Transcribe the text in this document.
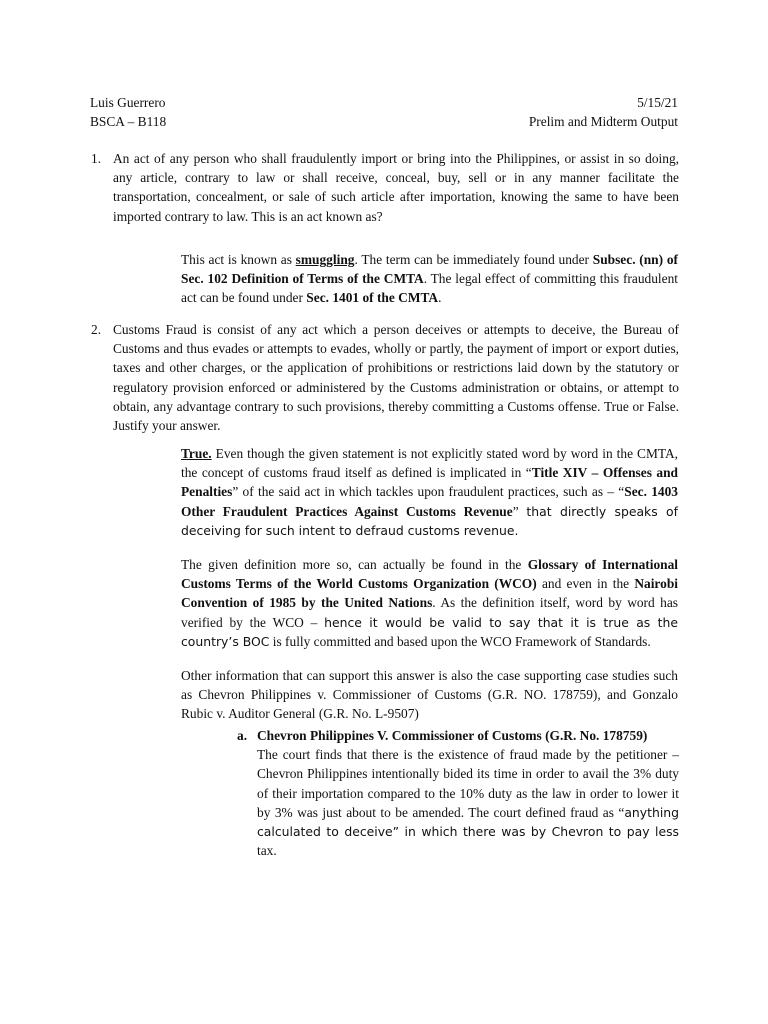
Luis Guerrero
BSCA – B118
5/15/21
Prelim and Midterm Output
1. An act of any person who shall fraudulently import or bring into the Philippines, or assist in so doing, any article, contrary to law or shall receive, conceal, buy, sell or in any manner facilitate the transportation, concealment, or sale of such article after importation, knowing the same to have been imported contrary to law. This is an act known as?

This act is known as smuggling. The term can be immediately found under Subsec. (nn) of Sec. 102 Definition of Terms of the CMTA. The legal effect of committing this fraudulent act can be found under Sec. 1401 of the CMTA.

2. Customs Fraud is consist of any act which a person deceives or attempts to deceive, the Bureau of Customs and thus evades or attempts to evades, wholly or partly, the payment of import or export duties, taxes and other charges, or the application of prohibitions or restrictions laid down by the statutory or regulatory provision enforced or administered by the Customs administration or obtains, or attempt to obtain, any advantage contrary to such provisions, thereby committing a Customs offense. True or False. Justify your answer.

True. Even though the given statement is not explicitly stated word by word in the CMTA, the concept of customs fraud itself as defined is implicated in “Title XIV – Offenses and Penalties” of the said act in which tackles upon fraudulent practices, such as – “Sec. 1403 Other Fraudulent Practices Against Customs Revenue” that directly speaks of deceiving for such intent to defraud customs revenue.

The given definition more so, can actually be found in the Glossary of International Customs Terms of the World Customs Organization (WCO) and even in the Nairobi Convention of 1985 by the United Nations. As the definition itself, word by word has verified by the WCO – hence it would be valid to say that it is true as the country’s BOC is fully committed and based upon the WCO Framework of Standards.

Other information that can support this answer is also the case supporting case studies such as Chevron Philippines v. Commissioner of Customs (G.R. NO. 178759), and Gonzalo Rubic v. Auditor General (G.R. No. L-9507)

a. Chevron Philippines V. Commissioner of Customs (G.R. No. 178759)
The court finds that there is the existence of fraud made by the petitioner – Chevron Philippines intentionally bided its time in order to avail the 3% duty of their importation compared to the 10% duty as the law in order to lower it by 3% was just about to be amended. The court defined fraud as “anything calculated to deceive” in which there was by Chevron to pay less tax.
